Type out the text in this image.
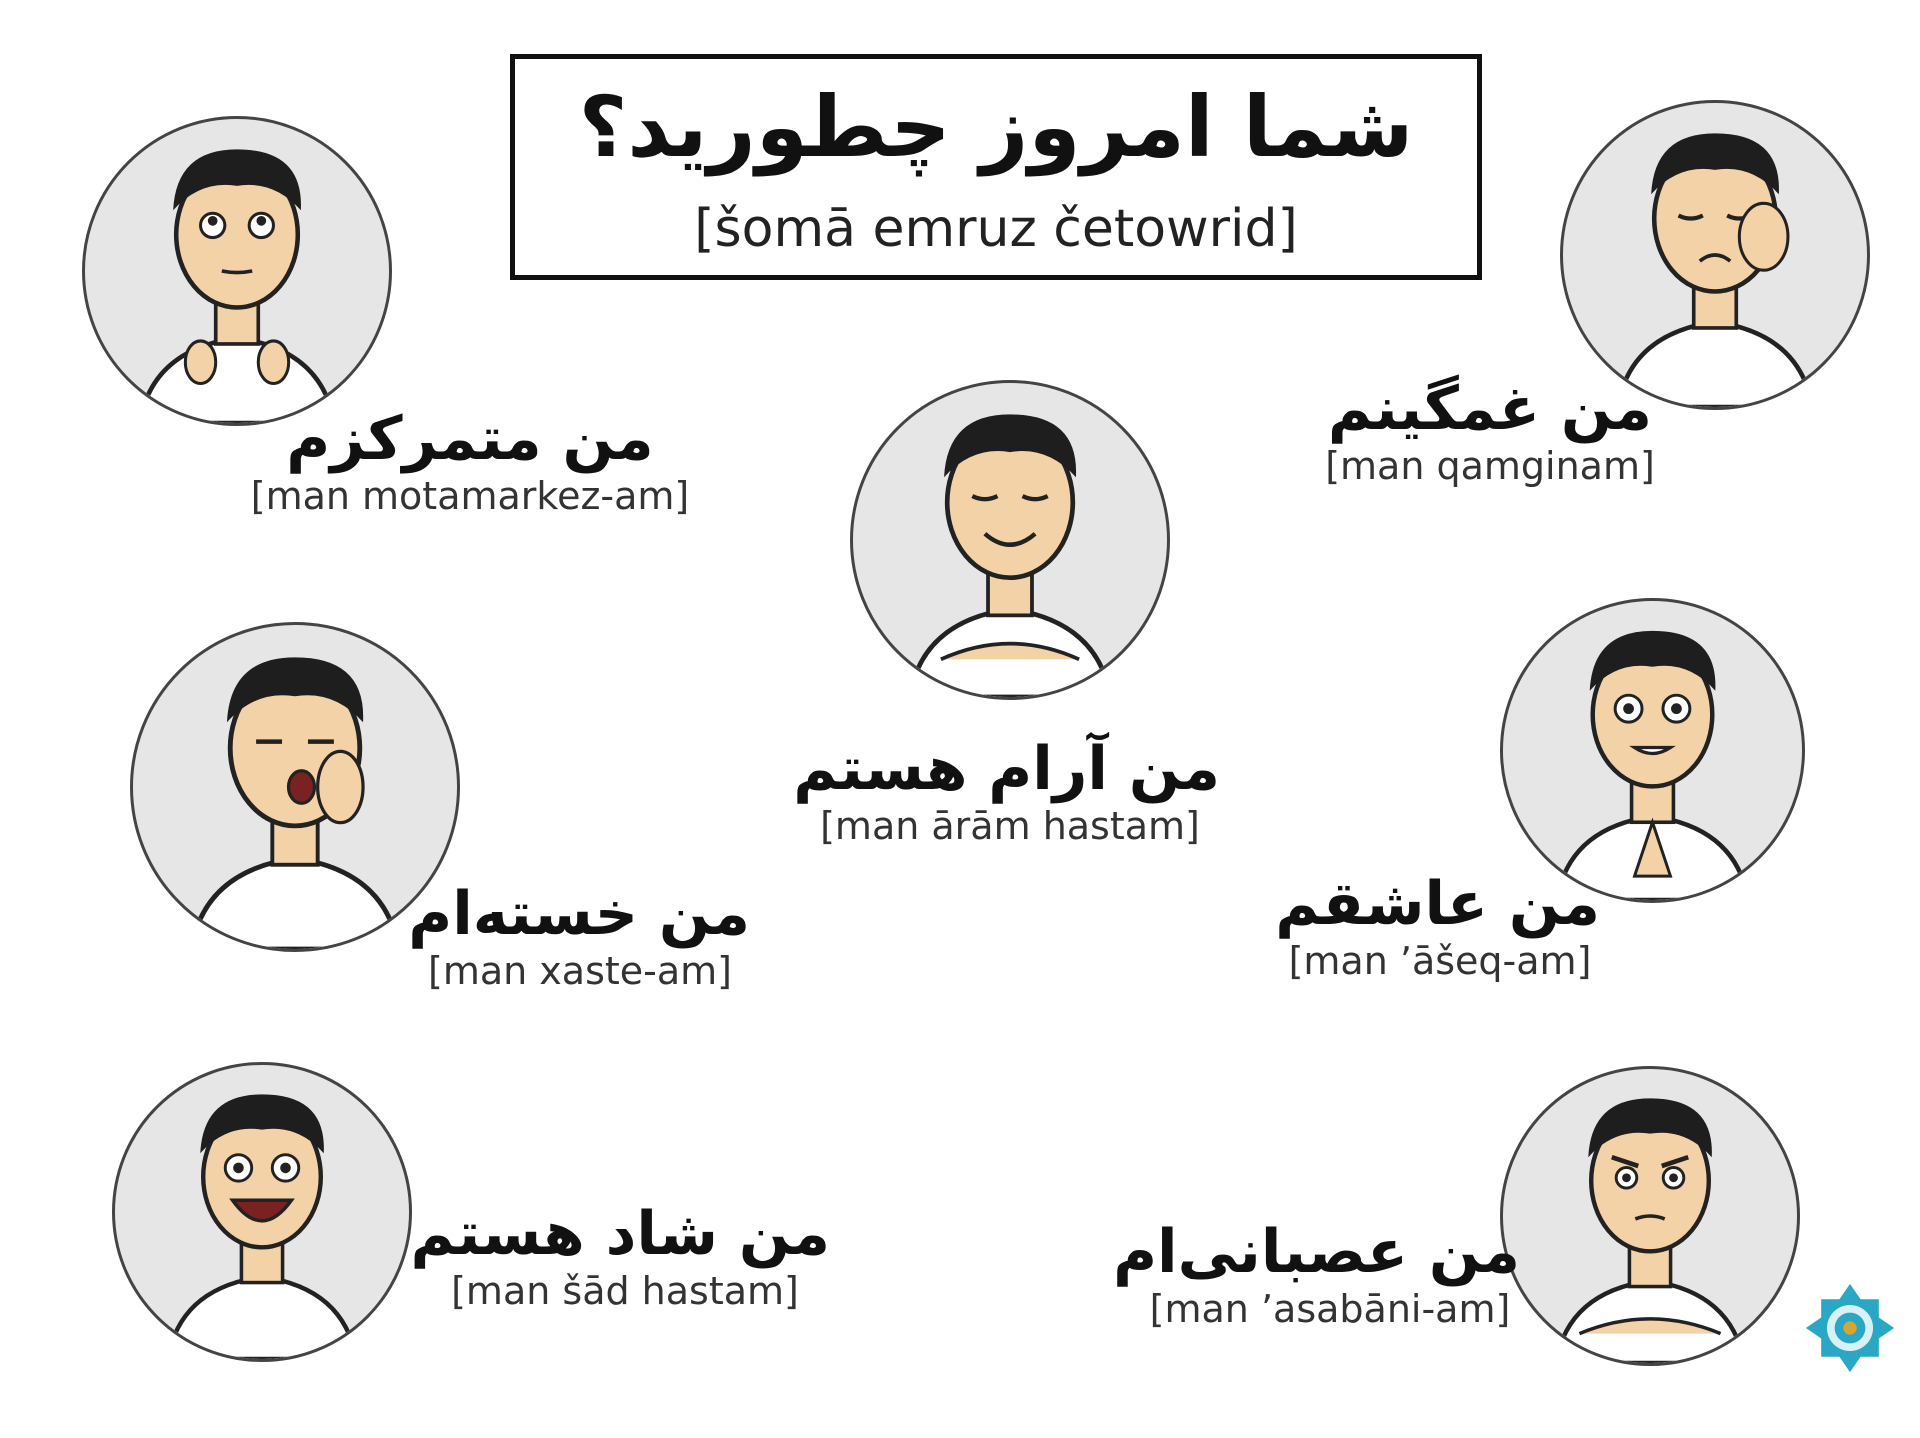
شما امروز چطورید؟
[šomā emruz četowrid]
من متمرکزم
[man motamarkez-am]
من غمگینم
[man qamginam]
من آرام هستم
[man ārām hastam]
من خسته‌ام
[man xaste-am]
من عاشقم
[man ’āšeq-am]
من شاد هستم
[man šād hastam]
من عصبانی‌ام
[man ’asabāni-am]
